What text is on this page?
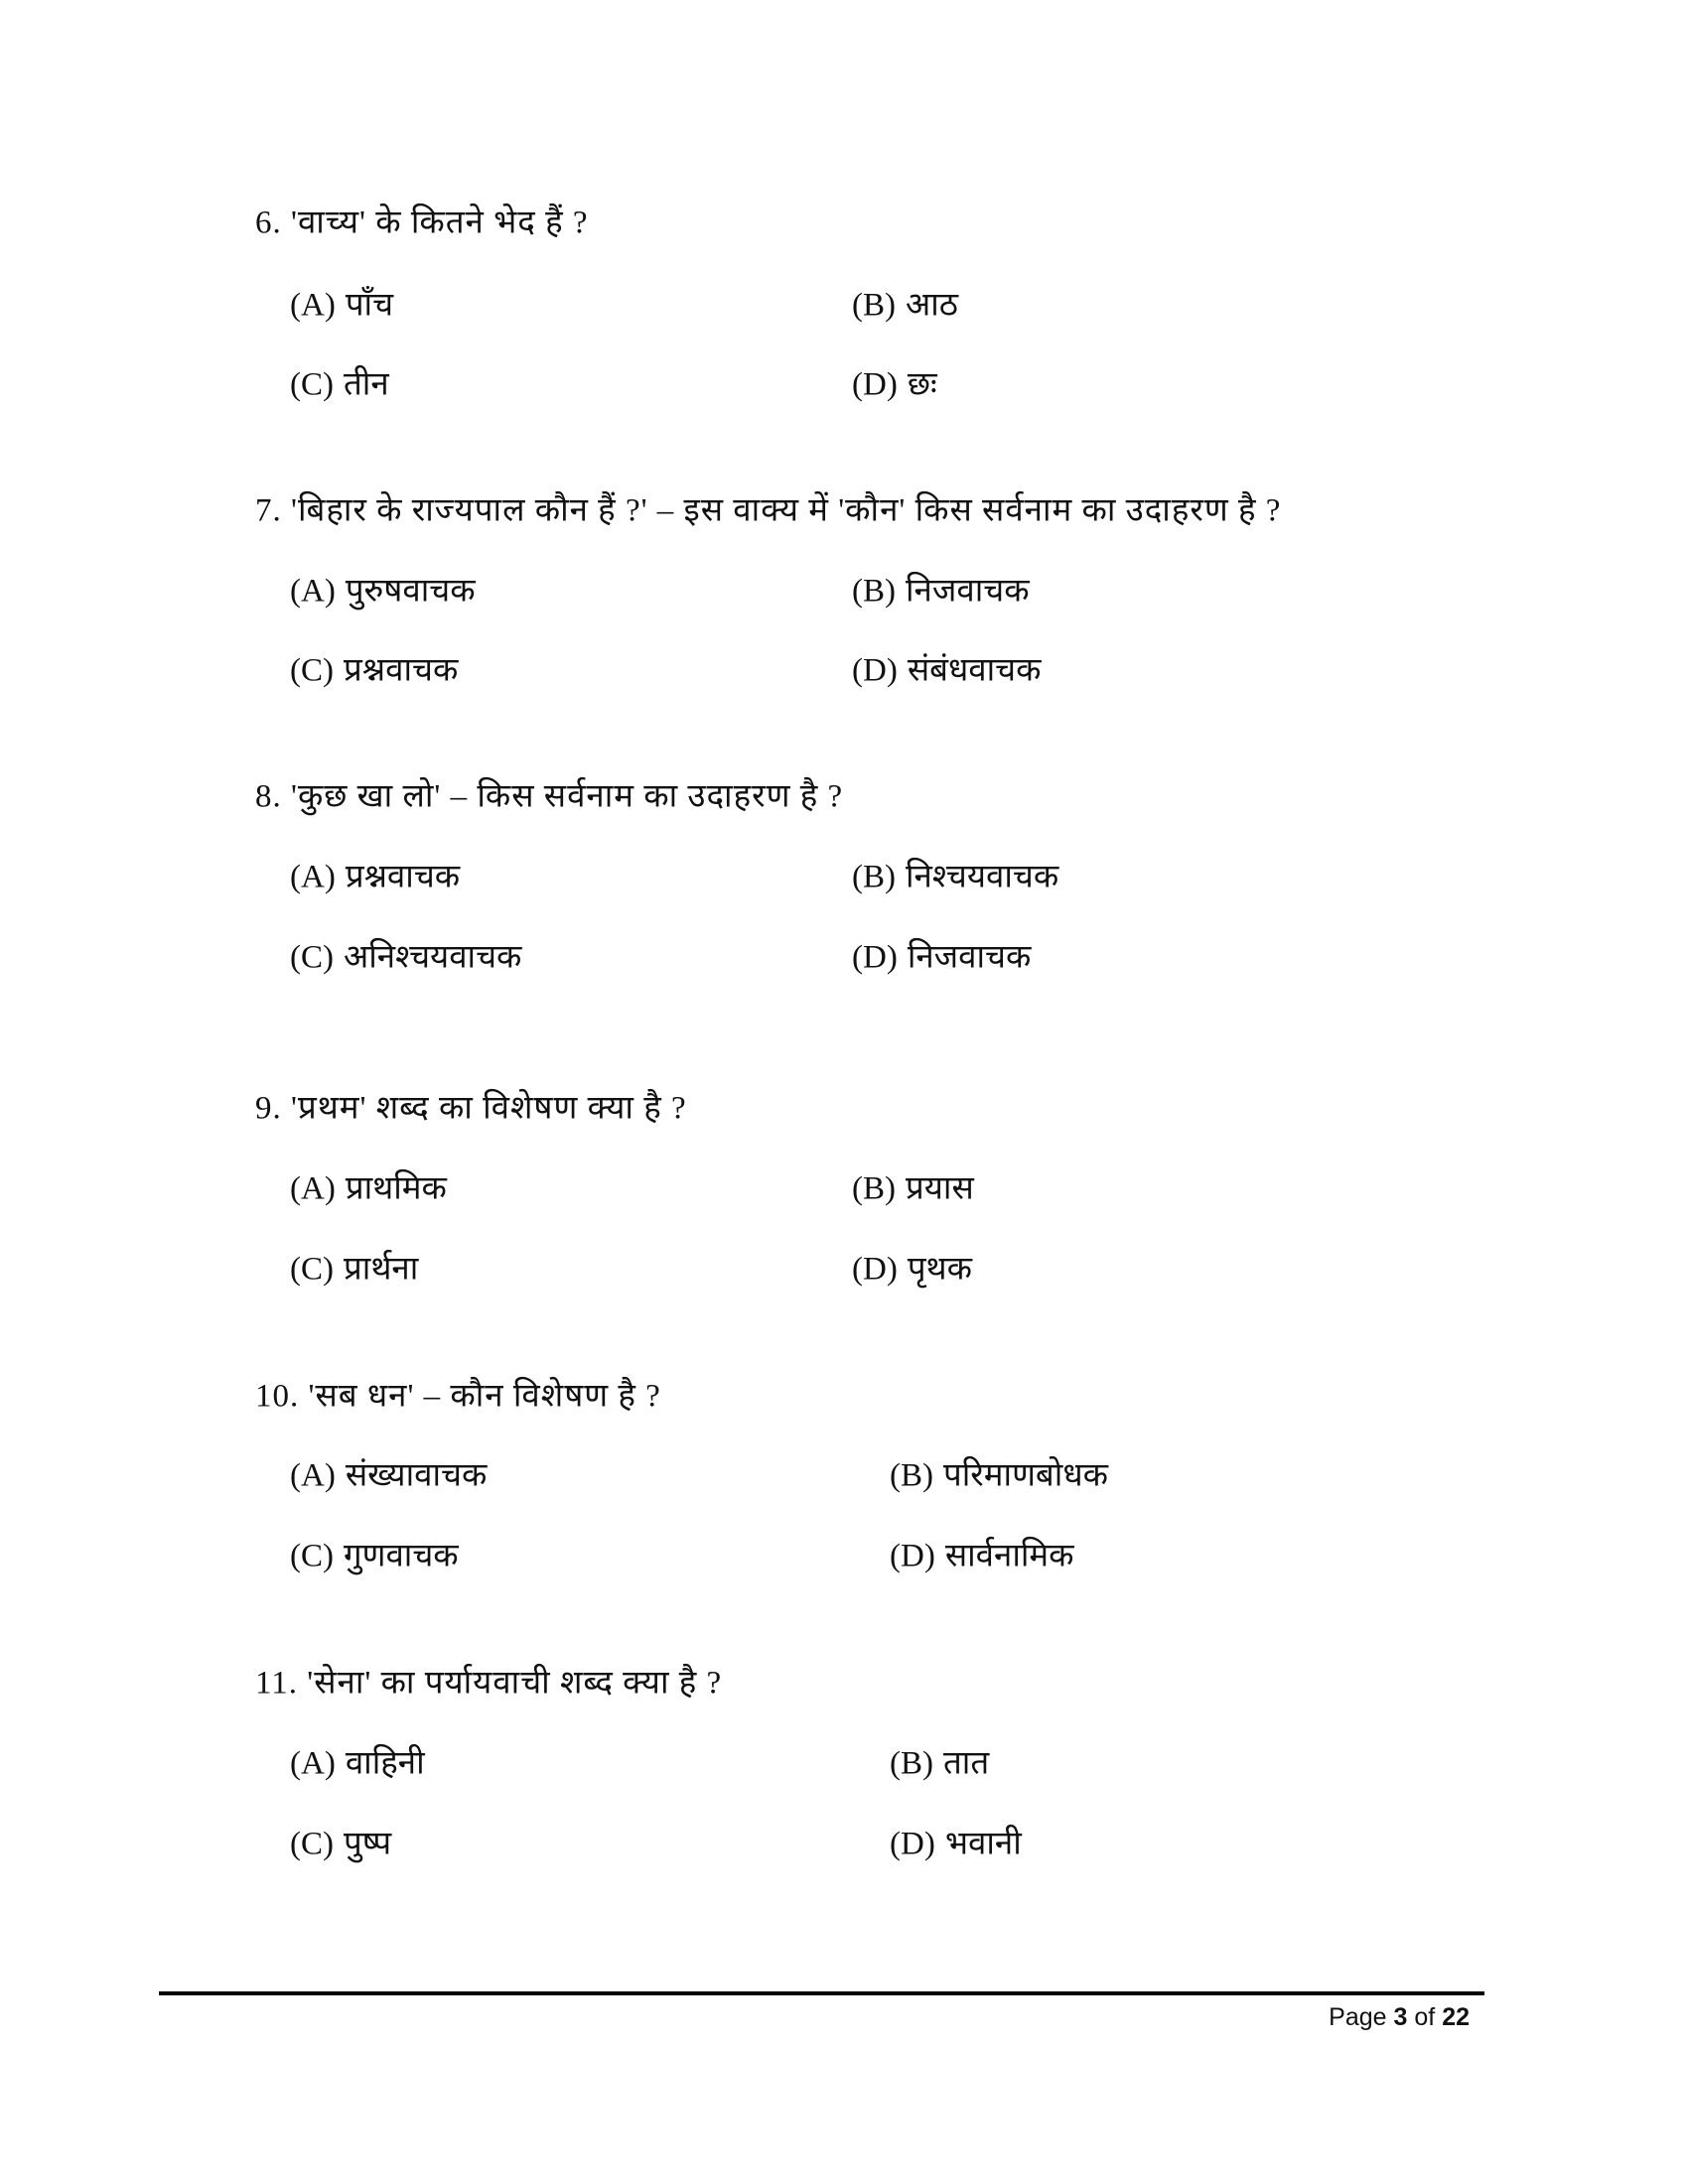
6. 'वाच्य' के कितने भेद हैं ?
(A) पाँच	(B) आठ
(C) तीन	(D) छः
7. 'बिहार के राज्यपाल कौन हैं ?' – इस वाक्य में 'कौन' किस सर्वनाम का उदाहरण है ?
(A) पुरुषवाचक	(B) निजवाचक
(C) प्रश्नवाचक	(D) संबंधवाचक
8. 'कुछ खा लो' – किस सर्वनाम का उदाहरण है ?
(A) प्रश्नवाचक	(B) निश्चयवाचक
(C) अनिश्चयवाचक	(D) निजवाचक
9. 'प्रथम' शब्द का विशेषण क्या है ?
(A) प्राथमिक	(B) प्रयास
(C) प्रार्थना	(D) पृथक
10. 'सब धन' – कौन विशेषण है ?
(A) संख्यावाचक	(B) परिमाणबोधक
(C) गुणवाचक	(D) सार्वनामिक
11. 'सेना' का पर्यायवाची शब्द क्या है ?
(A) वाहिनी	(B) तात
(C) पुष्प	(D) भवानी
Page 3 of 22
